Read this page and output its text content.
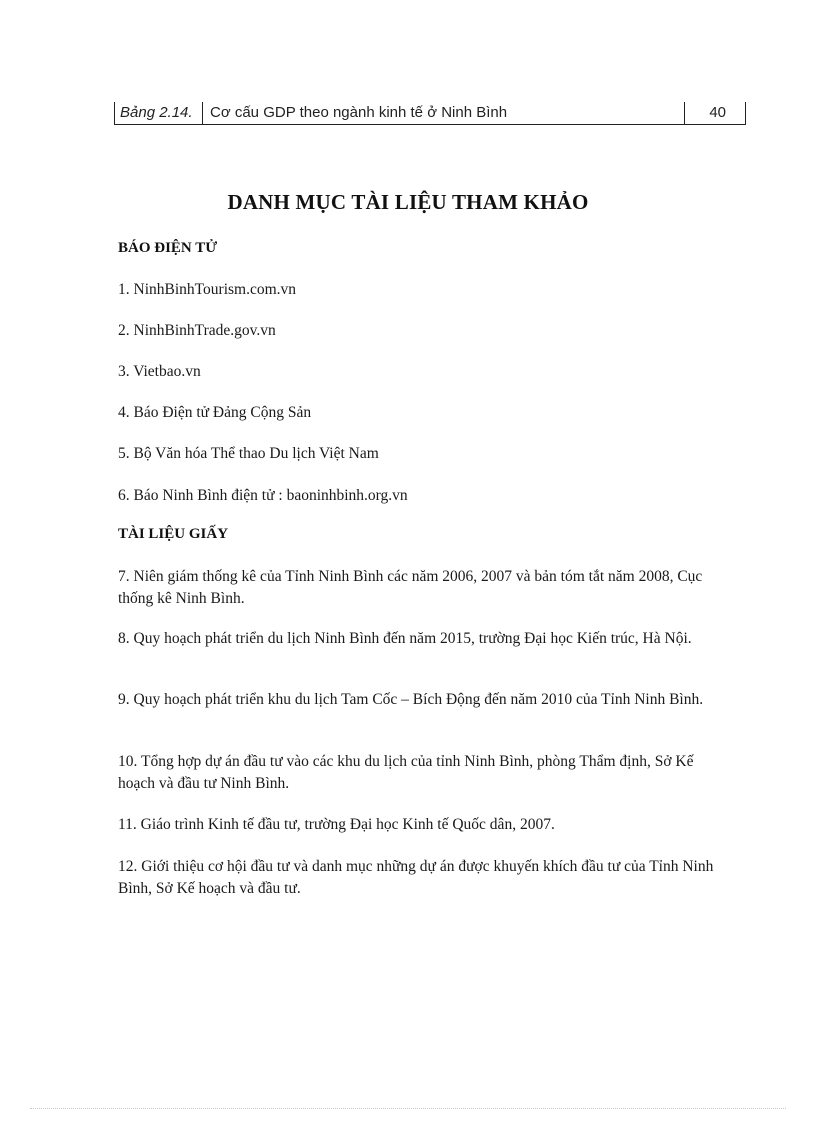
Bảng 2.14. Cơ cấu GDP theo ngành kinh tế ở Ninh Bình	40
DANH MỤC TÀI LIỆU THAM KHẢO
BÁO ĐIỆN TỬ
1. NinhBinhTourism.com.vn
2. NinhBinhTrade.gov.vn
3. Vietbao.vn
4. Báo Điện tử Đảng Cộng Sản
5. Bộ Văn hóa Thể thao Du lịch Việt Nam
6. Báo Ninh Bình điện tử : baoninhbinh.org.vn
TÀI LIỆU GIẤY
7. Niên giám thống kê của Tỉnh Ninh Bình các năm 2006, 2007 và bản tóm tắt năm 2008, Cục thống kê Ninh Bình.
8. Quy hoạch phát triển du lịch Ninh Bình đến năm 2015, trường Đại học Kiến trúc, Hà Nội.
9. Quy hoạch phát triển khu du lịch Tam Cốc – Bích Động đến năm 2010 của Tỉnh Ninh Bình.
10. Tổng hợp dự án đầu tư vào các khu du lịch của tỉnh Ninh Bình, phòng Thẩm định, Sở Kế hoạch và đầu tư Ninh Bình.
11. Giáo trình Kinh tế đầu tư, trường Đại học Kinh tế Quốc dân, 2007.
12. Giới thiệu cơ hội đầu tư và danh mục những dự án được khuyến khích đầu tư của Tỉnh Ninh Bình, Sở Kế hoạch và đầu tư.
